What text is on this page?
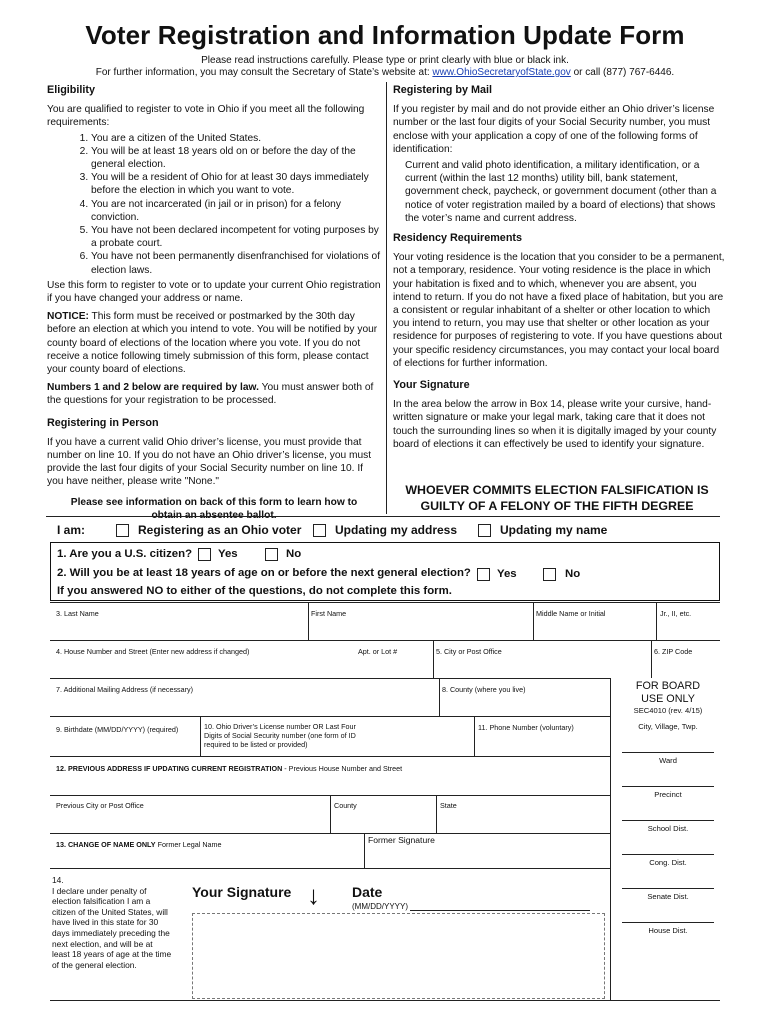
Voter Registration and Information Update Form
Please read instructions carefully. Please type or print clearly with blue or black ink.
For further information, you may consult the Secretary of State’s website at: www.OhioSecretaryofState.gov or call (877) 767-6446.
Eligibility

You are qualified to register to vote in Ohio if you meet all the following requirements:

1. You are a citizen of the United States.
2. You will be at least 18 years old on or before the day of the general election.
3. You will be a resident of Ohio for at least 30 days immediately before the election in which you want to vote.
4. You are not incarcerated (in jail or in prison) for a felony conviction.
5. You have not been declared incompetent for voting purposes by a probate court.
6. You have not been permanently disenfranchised for violations of election laws.

Use this form to register to vote or to update your current Ohio registration if you have changed your address or name.

NOTICE: This form must be received or postmarked by the 30th day before an election at which you intend to vote. You will be notified by your county board of elections of the location where you vote. If you do not receive a notice following timely submission of this form, please contact your county board of elections.

Numbers 1 and 2 below are required by law. You must answer both of the questions for your registration to be processed.

Registering in Person

If you have a current valid Ohio driver’s license, you must provide that number on line 10. If you do not have an Ohio driver’s license, you must provide the last four digits of your Social Security number on line 10. If you have neither, please write "None."

Please see information on back of this form to learn how to

Registering by Mail

If you register by mail and do not provide either an Ohio driver’s license number or the last four digits of your Social Security number, you must enclose with your application a copy of one of the following forms of identification:

Current and valid photo identification, a military identification, or a current (within the last 12 months) utility bill, bank statement, government check, paycheck, or government document (other than a notice of voter registration mailed by a board of elections) that shows the voter’s name and current address.

Residency Requirements

Your voting residence is the location that you consider to be a permanent, not a temporary, residence. Your voting residence is the place in which your habitation is fixed and to which, whenever you are absent, you intend to return. If you do not have a fixed place of habitation, but you are a consistent or regular inhabitant of a shelter or other location to which you intend to return, you may use that shelter or other location as your residence for purposes of registering to vote. If you have questions about your specific residency circumstances, you may contact your local board of elections for further information.

Your Signature

In the area below the arrow in Box 14, please write your cursive, hand-written signature or make your legal mark, taking care that it does not touch the surrounding lines so when it is digitally imaged by your county board of elections it can effectively be used to identify your signature.

WHOEVER COMMITS ELECTION FALSIFICATION IS
GUILTY OF A FELONY OF THE FIFTH DEGREE
I am:	Registering as an Ohio voter	Updating my address	Updating my name
1. Are you a U.S. citizen? Yes	No
2. Will you be at least 18 years of age on or before the next general election? Yes	No
If you answered NO to either of the questions, do not complete this form.
3. Last Name	First Name	Middle Name or Initial	Jr., II, etc.
4. House Number and Street (Enter new address if changed)	Apt. or Lot #	5. City or Post Office	6. ZIP Code
7. Additional Mailing Address (if necessary)	8. County (where you live)
9. Birthdate (MM/DD/YYYY) (required)	10. Ohio Driver’s License number OR Last Four Digits of Social Security number (one form of ID required to be listed or provided)
11. Phone Number (voluntary)
12. PREVIOUS ADDRESS IF UPDATING CURRENT REGISTRATION - Previous House Number and Street
Previous City or Post Office	County	State
13. CHANGE OF NAME ONLY Former Legal Name	Former Signature
FOR BOARD
USE ONLY
SEC4010 (rev. 4/15)
City, Village, Twp.
Ward
Precinct
School Dist.
Cong. Dist.
Senate Dist.
House Dist.
14.
I declare under penalty of election falsification I am a citizen of the United States, will have lived in this state for 30 days immediately preceding the next election, and will be at least 18 years of age at the time of the general election.
Your Signature ↓ Date
(MM/DD/YYYY)
